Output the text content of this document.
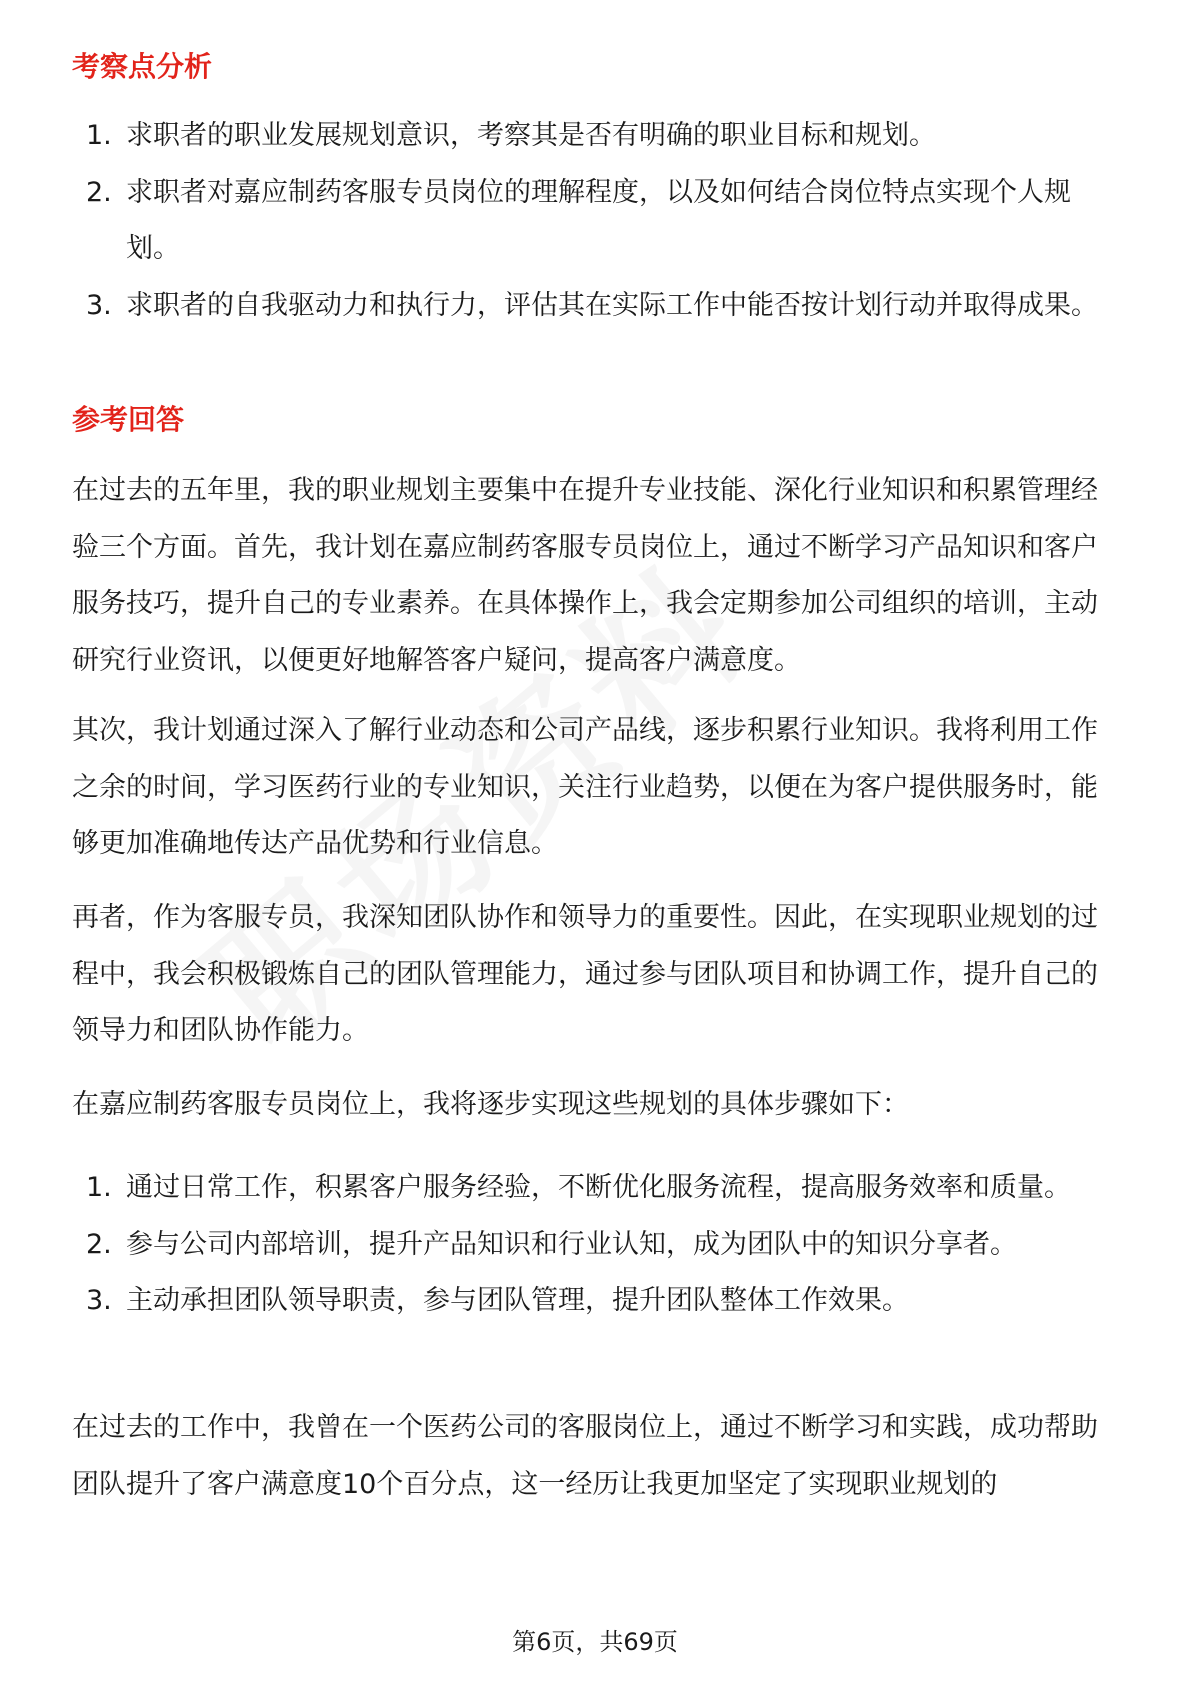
考察点分析
1. 求职者的职业发展规划意识，考察其是否有明确的职业目标和规划。
2. 求职者对嘉应制药客服专员岗位的理解程度，以及如何结合岗位特点实现个人规划。
3. 求职者的自我驱动力和执行力，评估其在实际工作中能否按计划行动并取得成果。
参考回答

在过去的五年里，我的职业规划主要集中在提升专业技能、深化行业知识和积累管理经验三个方面。首先，我计划在嘉应制药客服专员岗位上，通过不断学习产品知识和客户服务技巧，提升自己的专业素养。在具体操作上，我会定期参加公司组织的培训，主动研究行业资讯，以便更好地解答客户疑问，提高客户满意度。

其次，我计划通过深入了解行业动态和公司产品线，逐步积累行业知识。我将利用工作之余的时间，学习医药行业的专业知识，关注行业趋势，以便在为客户提供服务时，能够更加准确地传达产品优势和行业信息。

再者，作为客服专员，我深知团队协作和领导力的重要性。因此，在实现职业规划的过程中，我会积极锻炼自己的团队管理能力，通过参与团队项目和协调工作，提升自己的领导力和团队协作能力。

在嘉应制药客服专员岗位上，我将逐步实现这些规划的具体步骤如下：

1. 通过日常工作，积累客户服务经验，不断优化服务流程，提高服务效率和质量。
2. 参与公司内部培训，提升产品知识和行业认知，成为团队中的知识分享者。
3. 主动承担团队领导职责，参与团队管理，提升团队整体工作效果。

在过去的工作中，我曾在一个医药公司的客服岗位上，通过不断学习和实践，成功帮助团队提升了客户满意度10个百分点，这一经历让我更加坚定了实现职业规划的

第6页，共69页
